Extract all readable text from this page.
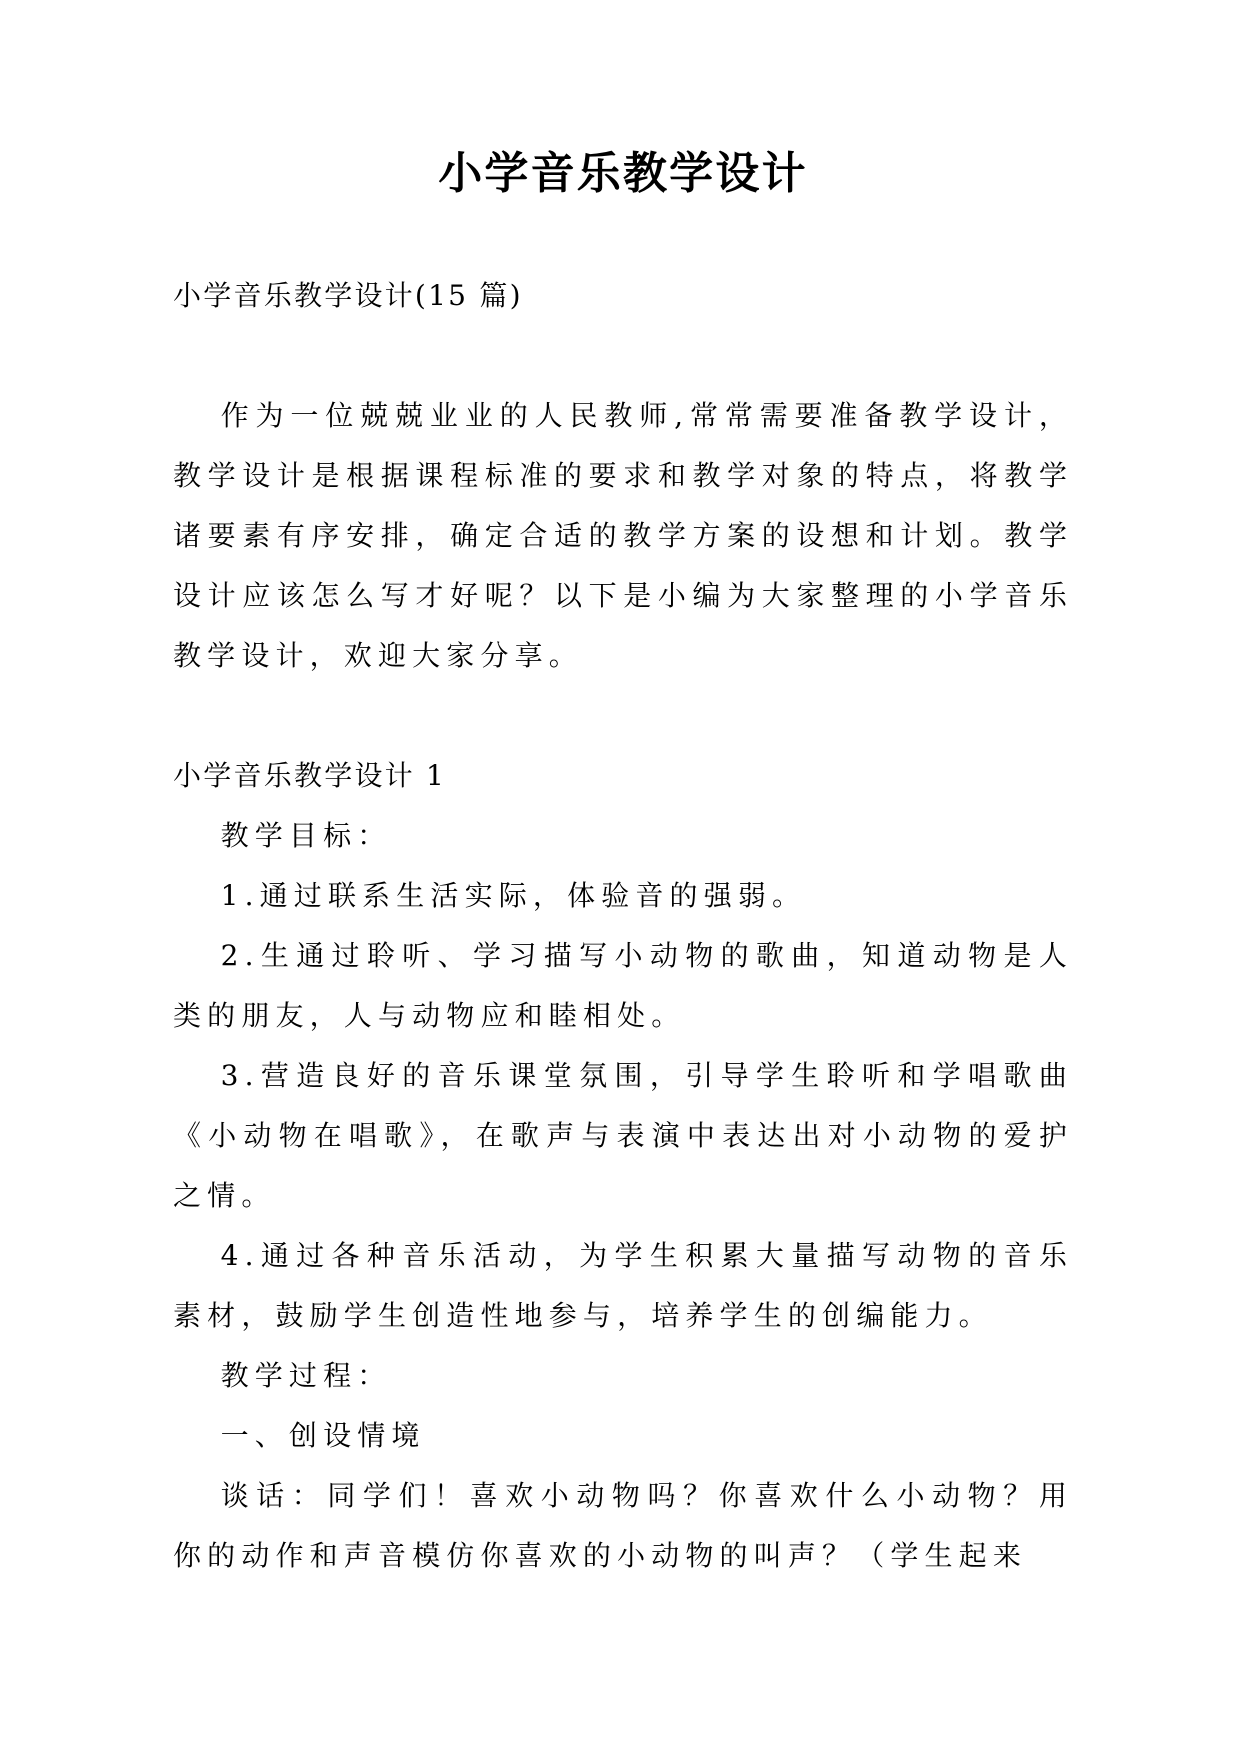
小学音乐教学设计

小学音乐教学设计(15 篇)

作为一位兢兢业业的人民教师,常常需要准备教学设计，教学设计是根据课程标准的要求和教学对象的特点，将教学诸要素有序安排，确定合适的教学方案的设想和计划。教学设计应该怎么写才好呢？以下是小编为大家整理的小学音乐教学设计，欢迎大家分享。

小学音乐教学设计 1

教学目标：

1.通过联系生活实际，体验音的强弱。

2.生通过聆听、学习描写小动物的歌曲，知道动物是人类的朋友，人与动物应和睦相处。

3.营造良好的音乐课堂氛围，引导学生聆听和学唱歌曲《小动物在唱歌》，在歌声与表演中表达出对小动物的爱护之情。

4.通过各种音乐活动，为学生积累大量描写动物的音乐素材，鼓励学生创造性地参与，培养学生的创编能力。

教学过程：

一、创设情境

谈话：同学们！喜欢小动物吗？你喜欢什么小动物？用你的动作和声音模仿你喜欢的小动物的叫声？（学生起来
